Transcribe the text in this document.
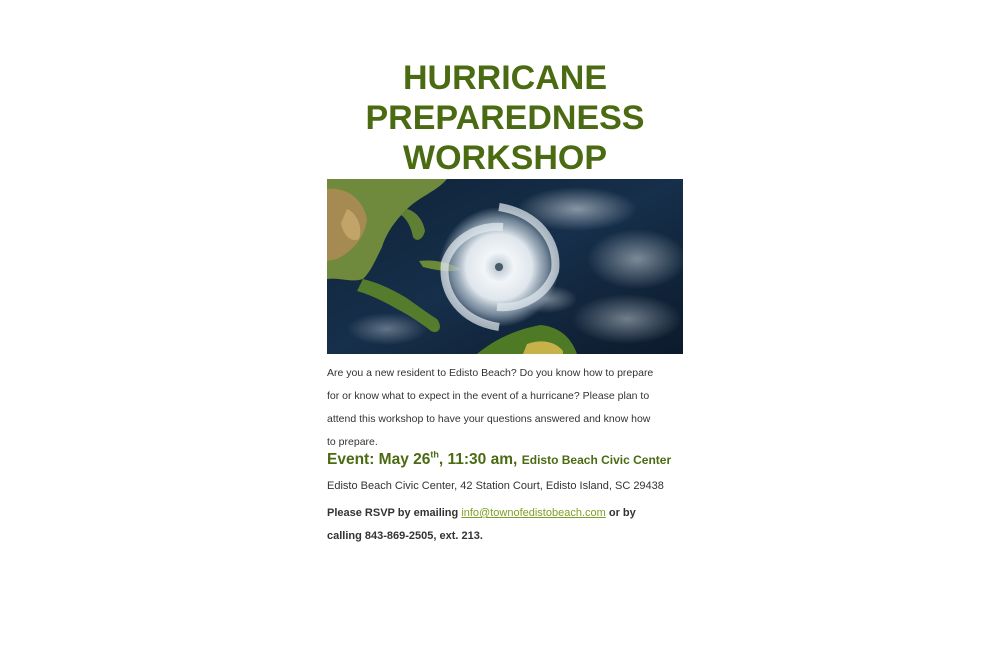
HURRICANE
PREPAREDNESS
WORKSHOP
Are you a new resident to Edisto Beach? Do you know how to prepare
for or know what to expect in the event of a hurricane? Please plan to
attend this workshop to have your questions answered and know how
to prepare.
Event: May 26th, 11:30 am, Edisto Beach Civic Center
Edisto Beach Civic Center, 42 Station Court, Edisto Island, SC 29438
Please RSVP by emailing info@townofedistobeach.com or by
calling 843-869-2505, ext. 213.
